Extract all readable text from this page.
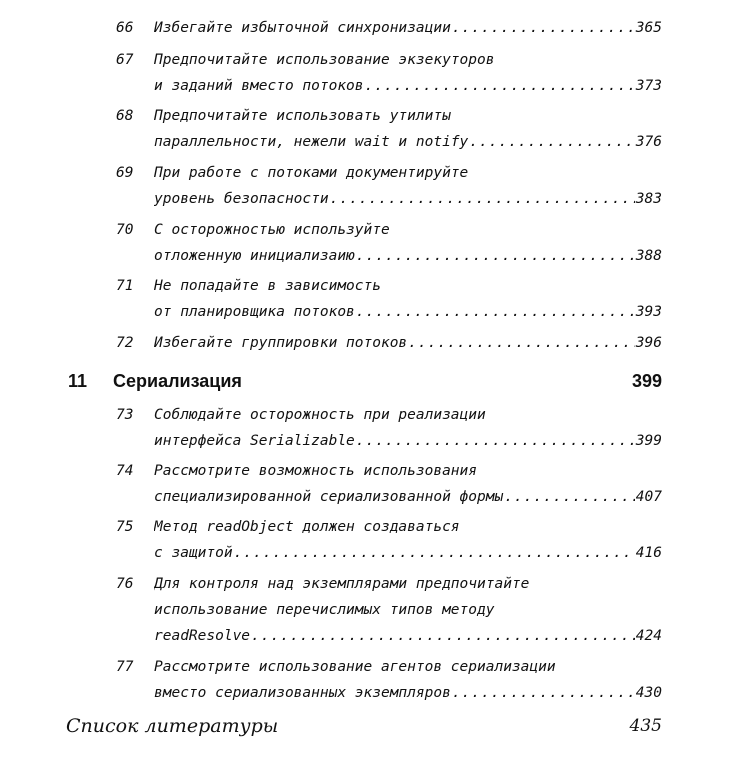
66	Избегайте избыточной синхронизации .....	365
67	Предпочитайте использование экзекуторов
и заданий вместо потоков .....	373
68	Предпочитайте использовать утилиты
параллельности, нежели wait и notify .....	376
69	При работе с потоками документируйте
уровень безопасности .....	383
70	С осторожностью используйте
отложенную инициализаию .....	388
71	Не попадайте в зависимость
от планировщика потоков .....	393
72	Избегайте группировки потоков .....	396
11 Сериализация	399
73	Соблюдайте осторожность при реализации
интерфейса Serializable .....	399
74	Рассмотрите возможность использования
специализированной сериализованной формы .....	407
75	Метод readObject должен создаваться
с защитой .....	416
76	Для контроля над экземплярами предпочитайте
использование перечислимых типов методу
readResolve .....	424
77	Рассмотрите использование агентов сериализации
вместо сериализованных экземпляров .....	430
Список литературы	435
